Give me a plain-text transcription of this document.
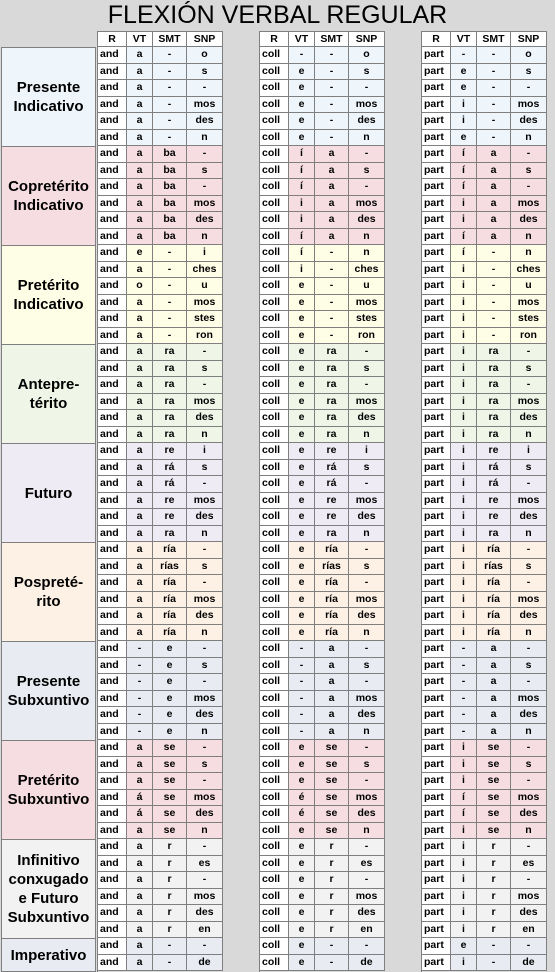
FLEXIÓN VERBAL REGULAR
Presente
Indicativo
Copretérito
Indicativo
Pretérito
Indicativo
Antepre-
térito
Futuro
Pospreté-
rito
Presente
Subxuntivo
Pretérito
Subxuntivo
Infinitivo
conxugado
e Futuro
Subxuntivo
Imperativo
R	VT	SMT	SNP
and	a	-	o
and	a	-	s
and	a	-	-
and	a	-	mos
and	a	-	des
and	a	-	n
and	a	ba	-
and	a	ba	s
and	a	ba	-
and	a	ba	mos
and	a	ba	des
and	a	ba	n
and	e	-	i
and	a	-	ches
and	o	-	u
and	a	-	mos
and	a	-	stes
and	a	-	ron
and	a	ra	-
and	a	ra	s
and	a	ra	-
and	a	ra	mos
and	a	ra	des
and	a	ra	n
and	a	re	i
and	a	rá	s
and	a	rá	-
and	a	re	mos
and	a	re	des
and	a	ra	n
and	a	ría	-
and	a	rías	s
and	a	ría	-
and	a	ría	mos
and	a	ría	des
and	a	ría	n
and	-	e	-
and	-	e	s
and	-	e	-
and	-	e	mos
and	-	e	des
and	-	e	n
and	a	se	-
and	a	se	s
and	a	se	-
and	á	se	mos
and	á	se	des
and	a	se	n
and	a	r	-
and	a	r	es
and	a	r	-
and	a	r	mos
and	a	r	des
and	a	r	en
and	a	-	-
and	a	-	de
R	VT	SMT	SNP
coll	-	-	o
coll	e	-	s
coll	e	-	-
coll	e	-	mos
coll	e	-	des
coll	e	-	n
coll	í	a	-
coll	í	a	s
coll	í	a	-
coll	i	a	mos
coll	i	a	des
coll	í	a	n
coll	í	-	n
coll	i	-	ches
coll	e	-	u
coll	e	-	mos
coll	e	-	stes
coll	e	-	ron
coll	e	ra	-
coll	e	ra	s
coll	e	ra	-
coll	e	ra	mos
coll	e	ra	des
coll	e	ra	n
coll	e	re	i
coll	e	rá	s
coll	e	rá	-
coll	e	re	mos
coll	e	re	des
coll	e	ra	n
coll	e	ría	-
coll	e	rías	s
coll	e	ría	-
coll	e	ría	mos
coll	e	ría	des
coll	e	ría	n
coll	-	a	-
coll	-	a	s
coll	-	a	-
coll	-	a	mos
coll	-	a	des
coll	-	a	n
coll	e	se	-
coll	e	se	s
coll	e	se	-
coll	é	se	mos
coll	é	se	des
coll	e	se	n
coll	e	r	-
coll	e	r	es
coll	e	r	-
coll	e	r	mos
coll	e	r	des
coll	e	r	en
coll	e	-	-
coll	e	-	de
R	VT	SMT	SNP
part	-	-	o
part	e	-	s
part	e	-	-
part	i	-	mos
part	i	-	des
part	e	-	n
part	í	a	-
part	í	a	s
part	í	a	-
part	i	a	mos
part	i	a	des
part	í	a	n
part	í	-	n
part	i	-	ches
part	i	-	u
part	i	-	mos
part	i	-	stes
part	i	-	ron
part	i	ra	-
part	i	ra	s
part	i	ra	-
part	i	ra	mos
part	i	ra	des
part	i	ra	n
part	i	re	i
part	i	rá	s
part	i	rá	-
part	i	re	mos
part	i	re	des
part	i	ra	n
part	i	ría	-
part	i	rías	s
part	i	ría	-
part	i	ría	mos
part	i	ría	des
part	i	ría	n
part	-	a	-
part	-	a	s
part	-	a	-
part	-	a	mos
part	-	a	des
part	-	a	n
part	i	se	-
part	i	se	s
part	i	se	-
part	í	se	mos
part	í	se	des
part	i	se	n
part	i	r	-
part	i	r	es
part	i	r	-
part	i	r	mos
part	i	r	des
part	i	r	en
part	e	-	-
part	i	-	de
